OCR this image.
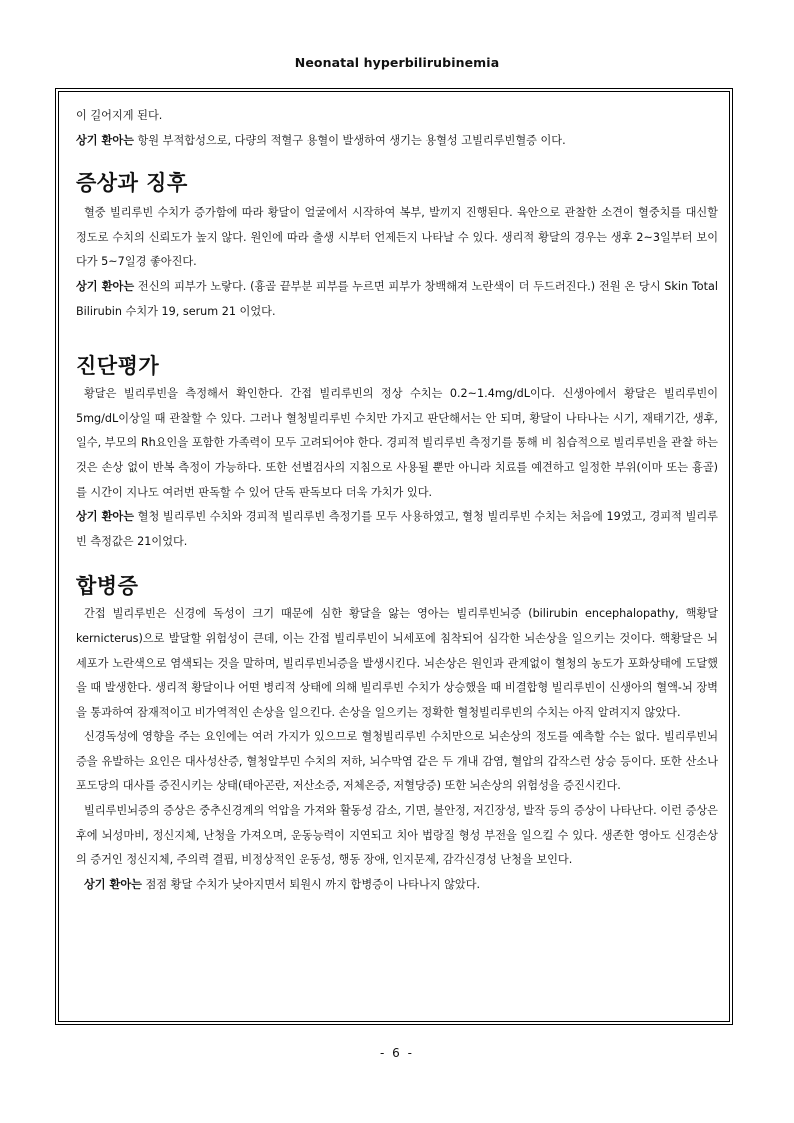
Neonatal hyperbilirubinemia

이 길어지게 된다.

상기 환아는 항원 부적합성으로, 다량의 적혈구 용혈이 발생하여 생기는 용혈성 고빌리루빈혈증 이다.

증상과 징후

혈중 빌리루빈 수치가 증가함에 따라 황달이 얼굴에서 시작하여 복부, 발끼지 진행된다. 육안으로 관찰한 소견이 혈중치를 대신할 정도로 수치의 신뢰도가 높지 않다. 원인에 따라 출생 시부터 언제든지 나타날 수 있다. 생리적 황달의 경우는 생후 2~3일부터 보이다가 5~7일경 좋아진다.

상기 환아는 전신의 피부가 노랗다. (흉골 끝부분 피부를 누르면 피부가 창백해져 노란색이 더 두드러진다.) 전원 온 당시 Skin Total Bilirubin 수치가 19, serum 21 이었다.

진단평가

황달은 빌리루빈을 측정해서 확인한다. 간접 빌리루빈의 정상 수치는 0.2~1.4mg/dL이다. 신생아에서 황달은 빌리루빈이 5mg/dL이상일 때 관찰할 수 있다. 그러나 혈청빌리루빈 수치만 가지고 판단해서는 안 되며, 황달이 나타나는 시기, 재태기간, 생후, 일수, 부모의 Rh요인을 포함한 가족력이 모두 고려되어야 한다. 경피적 빌리루빈 측정기를 통해 비 침습적으로 빌리루빈을 관찰 하는 것은 손상 없이 반복 측정이 가능하다. 또한 선별검사의 지침으로 사용될 뿐만 아니라 치료를 예견하고 일정한 부위(이마 또는 흉골)를 시간이 지나도 여러번 판독할 수 있어 단독 판독보다 더욱 가치가 있다.

상기 환아는 혈청 빌리루빈 수치와 경피적 빌리루빈 측정기를 모두 사용하였고, 혈청 빌리루빈 수치는 처음에 19였고, 경피적 빌리루빈 측정값은 21이었다.

합병증

간접 빌리루빈은 신경에 독성이 크기 때문에 심한 황달을 앓는 영아는 빌리루빈뇌증 (bilirubin encephalopathy, 핵황달 kernicterus)으로 발달할 위험성이 큰데, 이는 간접 빌리루빈이 뇌세포에 침착되어 심각한 뇌손상을 일으키는 것이다. 핵황달은 뇌세포가 노란색으로 염색되는 것을 말하며, 빌리루빈뇌증을 발생시킨다. 뇌손상은 원인과 관계없이 혈청의 농도가 포화상태에 도달했을 때 발생한다. 생리적 황달이나 어떤 병리적 상태에 의해 빌리루빈 수치가 상승했을 때 비결합형 빌리루빈이 신생아의 혈액-뇌 장벽을 통과하여 잠재적이고 비가역적인 손상을 일으킨다. 손상을 일으키는 정확한 혈청빌리루빈의 수치는 아직 알려지지 않았다.

신경독성에 영향을 주는 요인에는 여러 가지가 있으므로 혈청빌리루빈 수치만으로 뇌손상의 정도를 예측할 수는 없다. 빌리루빈뇌증을 유발하는 요인은 대사성산증, 혈청알부민 수치의 저하, 뇌수막염 같은 두 개내 감염, 혈압의 갑작스런 상승 등이다. 또한 산소나 포도당의 대사를 증진시키는 상태(태아곤란, 저산소증, 저체온증, 저혈당증) 또한 뇌손상의 위험성을 증진시킨다.

빌리루빈뇌증의 증상은 중추신경계의 억압을 가져와 활동성 감소, 기면, 불안정, 저긴장성, 발작 등의 증상이 나타난다. 이런 증상은 후에 뇌성마비, 정신지체, 난청을 가져오며, 운동능력이 지연되고 치아 법랑질 형성 부전을 일으킬 수 있다. 생존한 영아도 신경손상의 증거인 정신지체, 주의력 결핍, 비정상적인 운동성, 행동 장애, 인지문제, 감각신경성 난청을 보인다.

상기 환아는 점점 황달 수치가 낮아지면서 퇴원시 까지 합병증이 나타나지 않았다.

- 6 -
